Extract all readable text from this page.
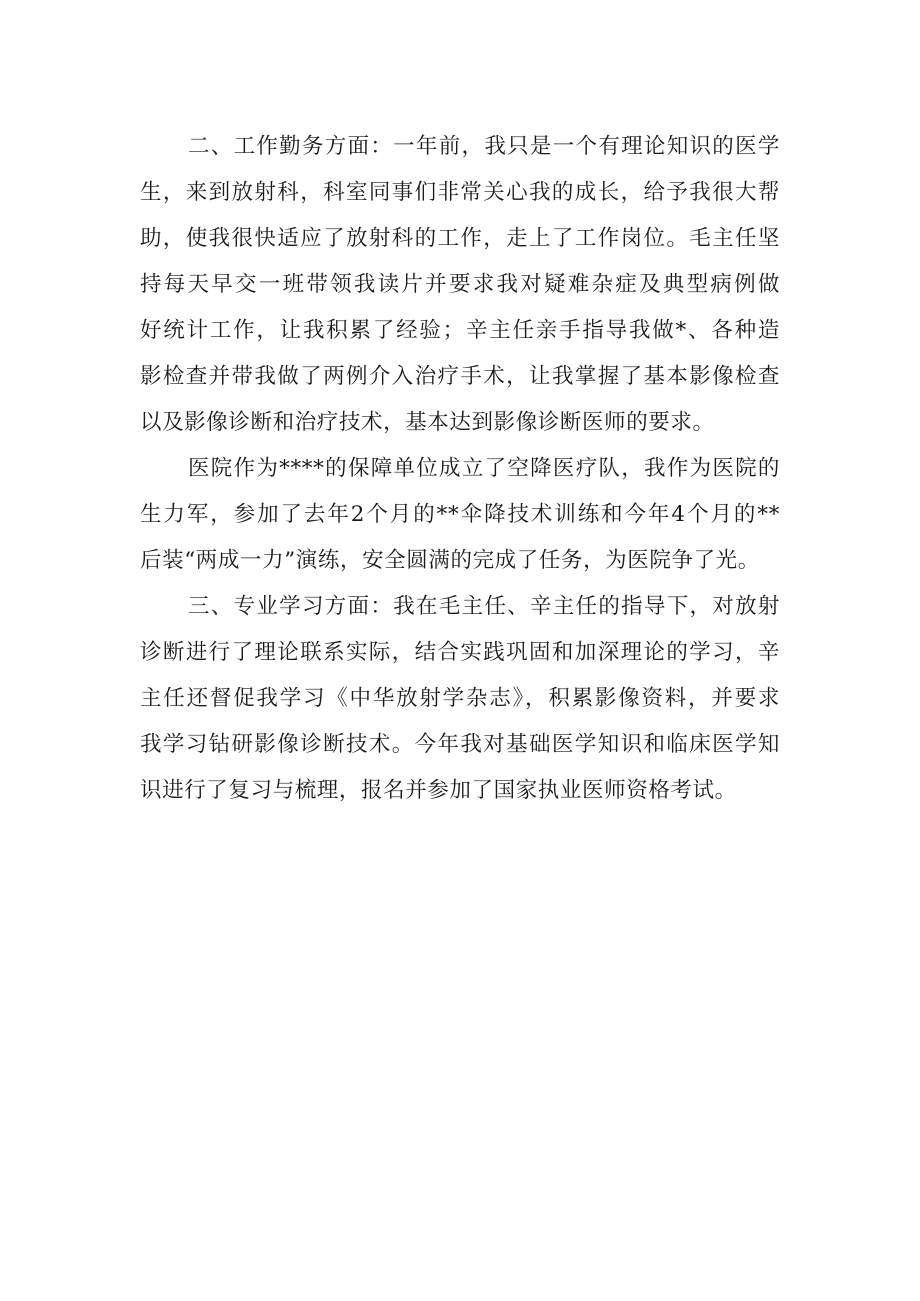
二、工作勤务方面：一年前，我只是一个有理论知识的医学
生，来到放射科，科室同事们非常关心我的成长，给予我很大帮
助，使我很快适应了放射科的工作，走上了工作岗位。毛主任坚
持每天早交一班带领我读片并要求我对疑难杂症及典型病例做
好统计工作，让我积累了经验；辛主任亲手指导我做*、各种造
影检查并带我做了两例介入治疗手术，让我掌握了基本影像检查
以及影像诊断和治疗技术，基本达到影像诊断医师的要求。
医院作为****的保障单位成立了空降医疗队，我作为医院的
生力军，参加了去年2个月的**伞降技术训练和今年4个月的**
后装“两成一力”演练，安全圆满的完成了任务，为医院争了光。
三、专业学习方面：我在毛主任、辛主任的指导下，对放射
诊断进行了理论联系实际，结合实践巩固和加深理论的学习，辛
主任还督促我学习《中华放射学杂志》，积累影像资料，并要求
我学习钻研影像诊断技术。今年我对基础医学知识和临床医学知
识进行了复习与梳理，报名并参加了国家执业医师资格考试。
